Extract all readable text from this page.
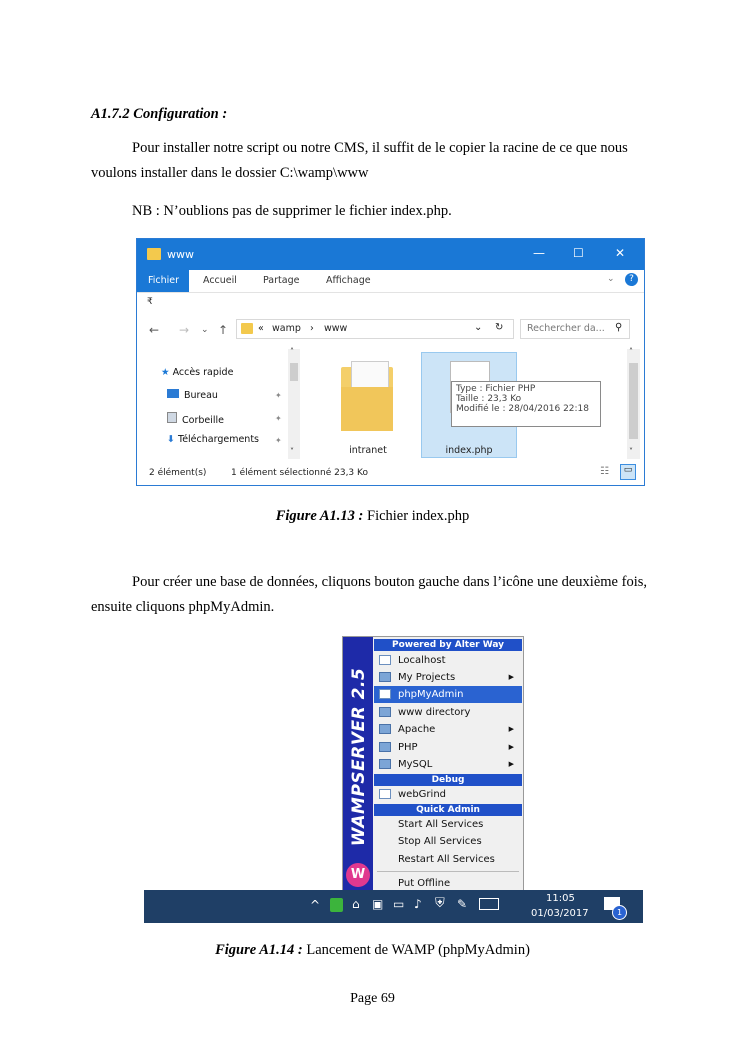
A1.7.2 Configuration :
Pour installer notre script ou notre CMS, il suffit de le copier la racine de ce que nous
voulons installer dans le dossier C:\wamp\www
NB : N’oublions pas de supprimer le fichier index.php.
www	— ☐	✕
Fichier	Accueil	Partage	Affichage	⌄	?
₹
← → ⌄ ↑	« wamp › www	⌄ ↻ Rechercher da... ⚲
★ Accès rapide
Bureau
Corbeille
⬇ Téléchargements
✦
✦
✦
˄
˅	intranet	index.php
Type : Fichier PHP
Taille : 23,3 Ko
Modifié le : 28/04/2016 22:18
˄
˅
2 élément(s)	1 élément sélectionné 23,3 Ko	☷	▭
Figure A1.13 : Fichier index.php
Pour créer une base de données, cliquons bouton gauche dans l’icône une deuxième fois,
ensuite cliquons phpMyAdmin.
WAMPSERVER 2.5
W
Powered by Alter Way
Localhost
My Projects	▶
phpMyAdmin
www directory
Apache	▶
PHP	▶
MySQL	▶
Debug
webGrind
Quick Admin
Start All Services
Stop All Services
Restart All Services
Put Offline
^	⌂ ▣ ▭ ♪ ⛨ ✎	11:05
01/03/2017	1
Figure A1.14 : Lancement de WAMP (phpMyAdmin)
Page 69
